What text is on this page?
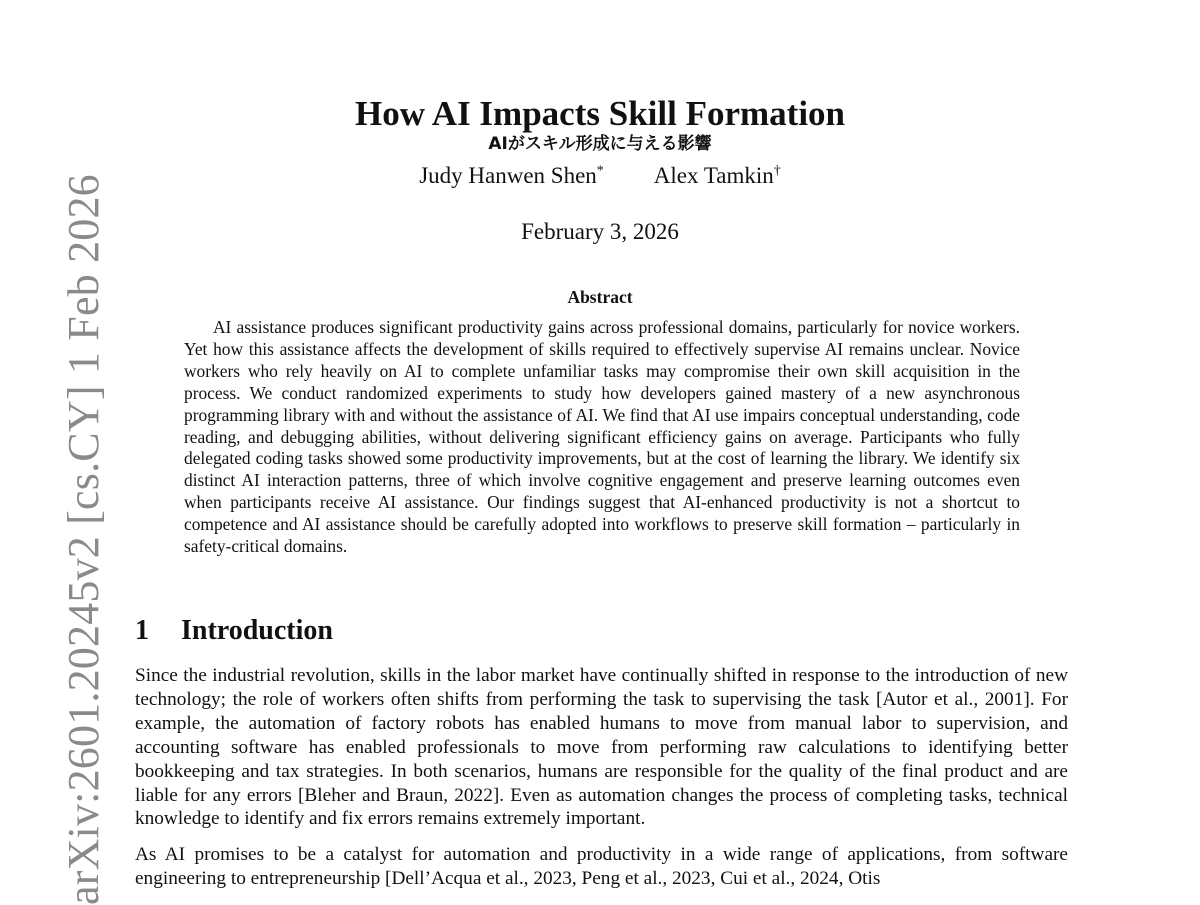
arXiv:2601.20245v2 [cs.CY] 1 Feb 2026
How AI Impacts Skill Formation
AIがスキル形成に与える影響
Judy Hanwen Shen* Alex Tamkin†
February 3, 2026
Abstract

AI assistance produces significant productivity gains across professional domains, particularly for novice workers. Yet how this assistance affects the development of skills required to effectively supervise AI remains unclear. Novice workers who rely heavily on AI to complete unfamiliar tasks may compromise their own skill acquisition in the process. We conduct randomized experiments to study how developers gained mastery of a new asynchronous programming library with and without the assistance of AI. We find that AI use impairs conceptual understanding, code reading, and debugging abilities, without delivering significant efficiency gains on average. Participants who fully delegated coding tasks showed some productivity improvements, but at the cost of learning the library. We identify six distinct AI interaction patterns, three of which involve cognitive engagement and preserve learning outcomes even when participants receive AI assistance. Our findings suggest that AI-enhanced productivity is not a shortcut to competence and AI assistance should be carefully adopted into workflows to preserve skill formation – particularly in safety-critical domains.

1 Introduction

Since the industrial revolution, skills in the labor market have continually shifted in response to the introduction of new technology; the role of workers often shifts from performing the task to supervising the task [Autor et al., 2001]. For example, the automation of factory robots has enabled humans to move from manual labor to supervision, and accounting software has enabled professionals to move from performing raw calculations to identifying better bookkeeping and tax strategies. In both scenarios, humans are responsible for the quality of the final product and are liable for any errors [Bleher and Braun, 2022]. Even as automation changes the process of completing tasks, technical knowledge to identify and fix errors remains extremely important.

As AI promises to be a catalyst for automation and productivity in a wide range of applications, from software engineering to entrepreneurship [Dell’Acqua et al., 2023, Peng et al., 2023, Cui et al., 2024, Otis
